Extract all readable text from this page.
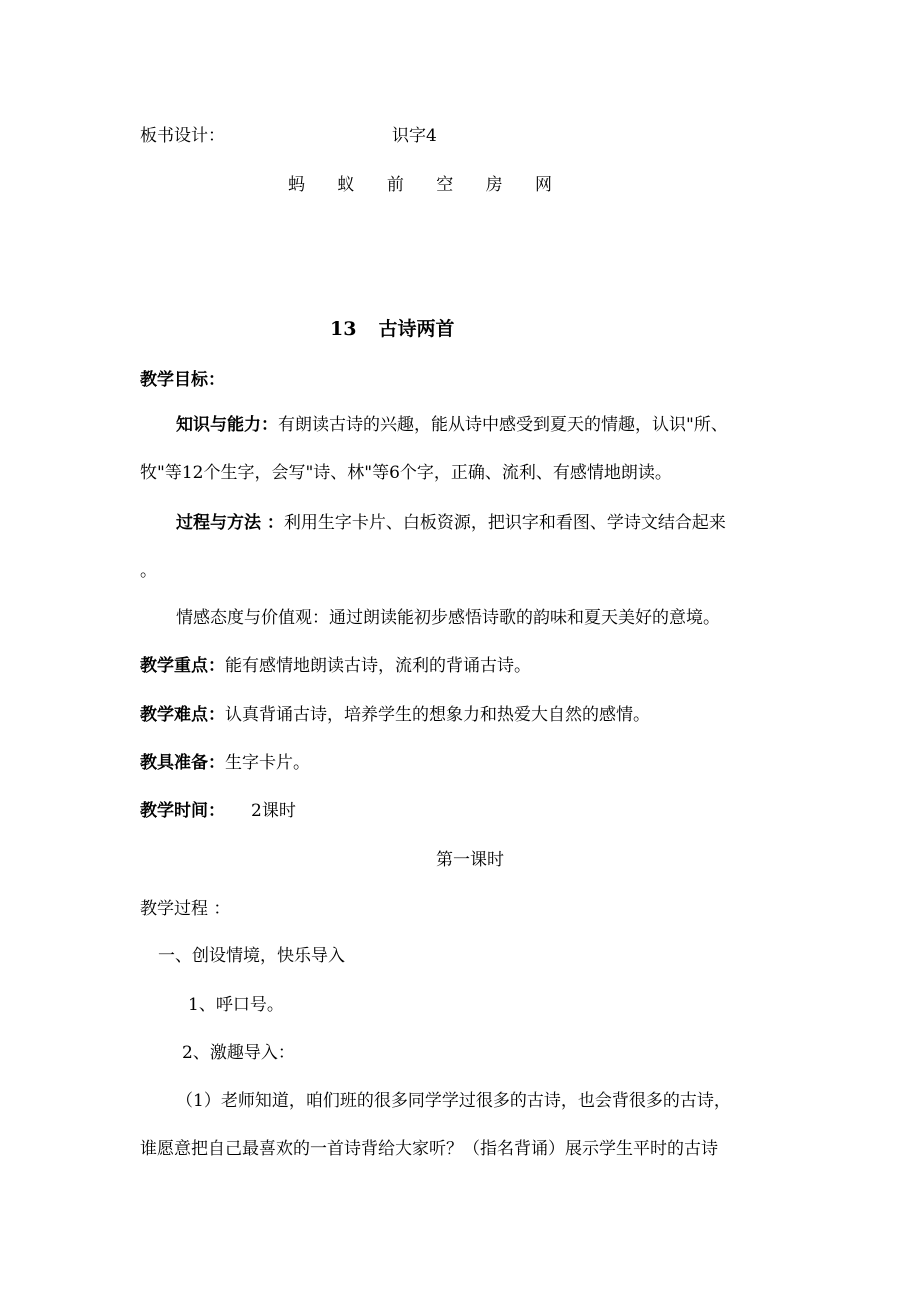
板书设计：	识字4
蚂 蚁 前 空 房 网
13 古诗两首
教学目标：
知识与能力：有朗读古诗的兴趣，能从诗中感受到夏天的情趣，认识"所、
牧"等12个生字，会写"诗、林"等6个字，正确、流利、有感情地朗读。
过程与方法 ：利用生字卡片、白板资源，把识字和看图、学诗文结合起来
。
情感态度与价值观：通过朗读能初步感悟诗歌的韵味和夏天美好的意境。
教学重点：能有感情地朗读古诗，流利的背诵古诗。
教学难点：认真背诵古诗，培养学生的想象力和热爱大自然的感情。
教具准备：生字卡片。
教学时间： 2课时
第一课时
教学过程 ：
一、创设情境，快乐导入
1、呼口号。
2、激趣导入：
（1）老师知道，咱们班的很多同学学过很多的古诗，也会背很多的古诗，
谁愿意把自己最喜欢的一首诗背给大家听？（指名背诵）展示学生平时的古诗
